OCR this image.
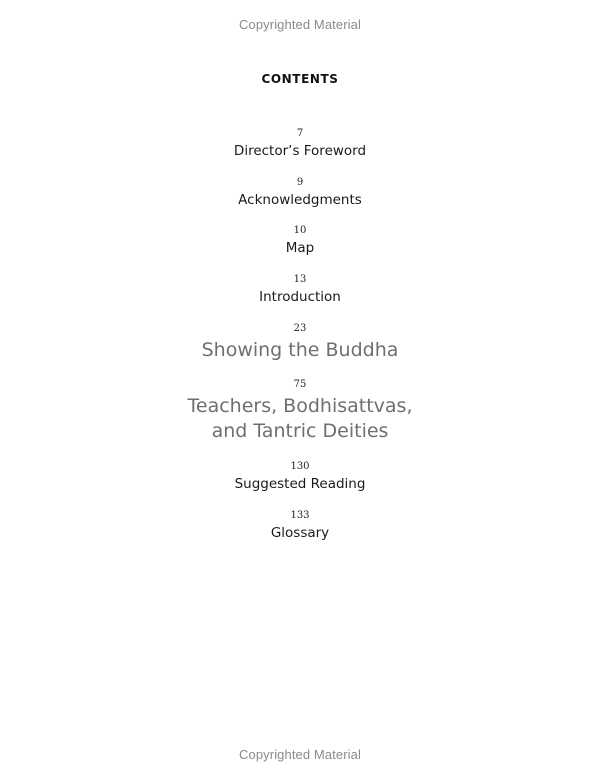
Copyrighted Material
CONTENTS
7
Director’s Foreword
9
Acknowledgments
10
Map
13
Introduction
23
Showing the Buddha
75
Teachers, Bodhisattvas,
and Tantric Deities
130
Suggested Reading
133
Glossary
Copyrighted Material
